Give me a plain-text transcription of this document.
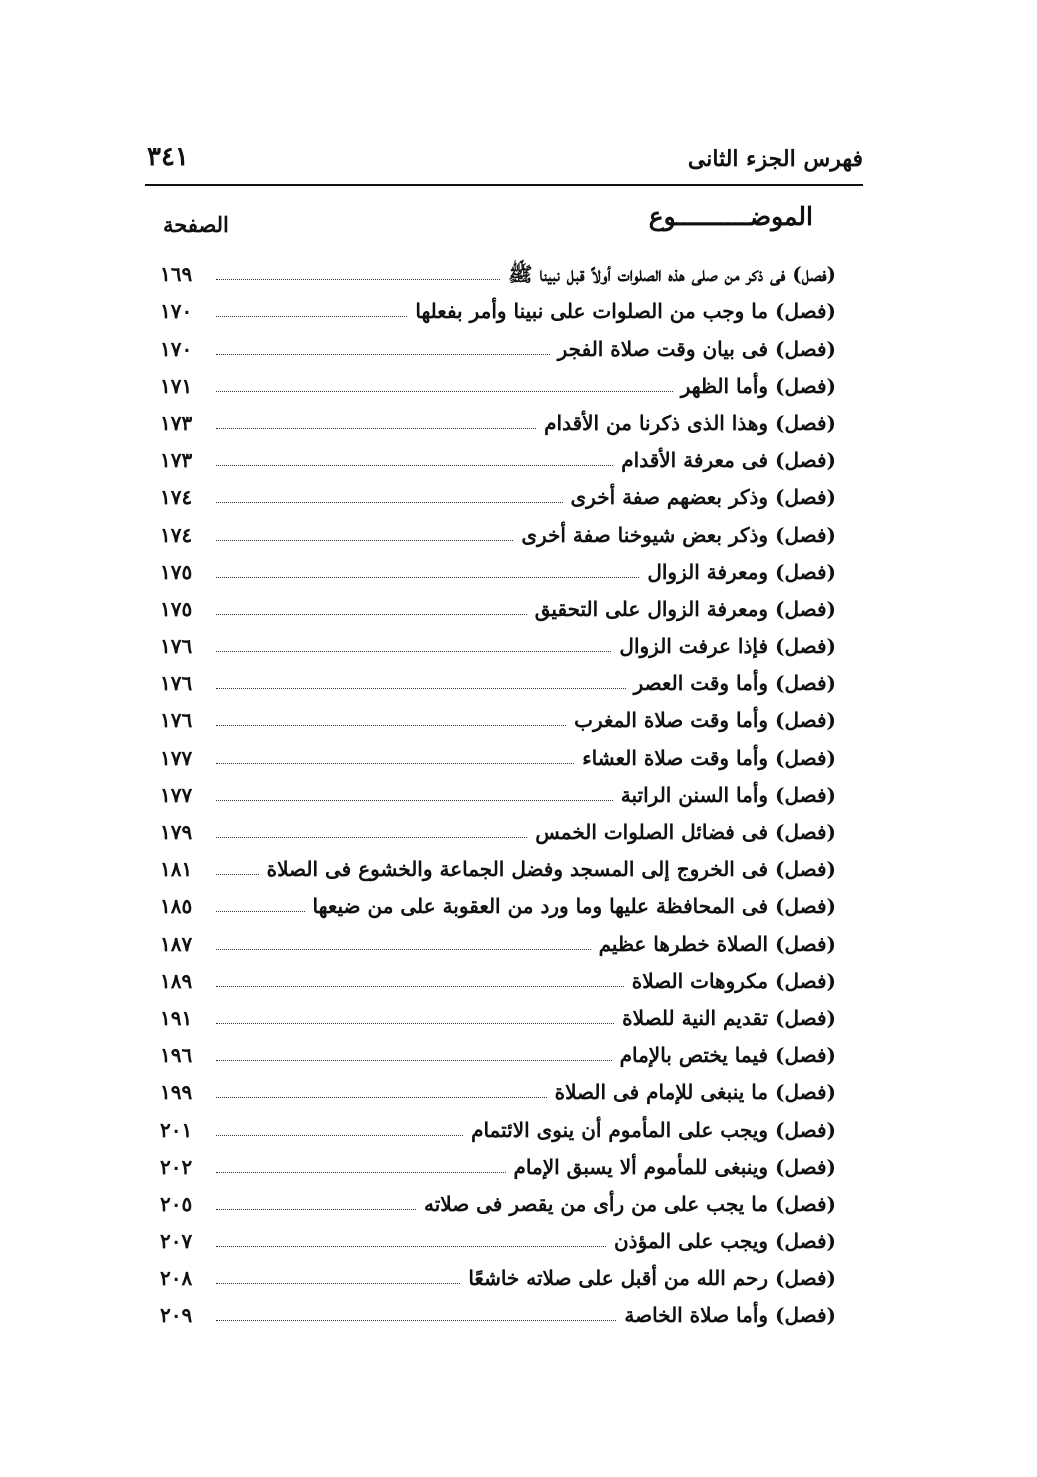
٣٤١	فهرس الجزء الثانى
الصفحة	الموضــــــــــوع
(فصل) فى ذكر من صلى هذه الصلوات أولاً قبل نبينا ﷺ
١٦٩
(فصل) ما وجب من الصلوات على نبينا وأمر بفعلها
١٧٠
(فصل) فى بيان وقت صلاة الفجر
١٧٠
(فصل) وأما الظهر
١٧١
(فصل) وهذا الذى ذكرنا من الأقدام
١٧٣
(فصل) فى معرفة الأقدام
١٧٣
(فصل) وذكر بعضهم صفة أخرى
١٧٤
(فصل) وذكر بعض شيوخنا صفة أخرى
١٧٤
(فصل) ومعرفة الزوال
١٧٥
(فصل) ومعرفة الزوال على التحقيق
١٧٥
(فصل) فإذا عرفت الزوال
١٧٦
(فصل) وأما وقت العصر
١٧٦
(فصل) وأما وقت صلاة المغرب
١٧٦
(فصل) وأما وقت صلاة العشاء
١٧٧
(فصل) وأما السنن الراتبة
١٧٧
(فصل) فى فضائل الصلوات الخمس
١٧٩
(فصل) فى الخروج إلى المسجد وفضل الجماعة والخشوع فى الصلاة
١٨١
(فصل) فى المحافظة عليها وما ورد من العقوبة على من ضيعها
١٨٥
(فصل) الصلاة خطرها عظيم
١٨٧
(فصل) مكروهات الصلاة
١٨٩
(فصل) تقديم النية للصلاة
١٩١
(فصل) فيما يختص بالإمام
١٩٦
(فصل) ما ينبغى للإمام فى الصلاة
١٩٩
(فصل) ويجب على المأموم أن ينوى الائتمام
٢٠١
(فصل) وينبغى للمأموم ألا يسبق الإمام
٢٠٢
(فصل) ما يجب على من رأى من يقصر فى صلاته
٢٠٥
(فصل) ويجب على المؤذن
٢٠٧
(فصل) رحم الله من أقبل على صلاته خاشعًا
٢٠٨
(فصل) وأما صلاة الخاصة
٢٠٩
